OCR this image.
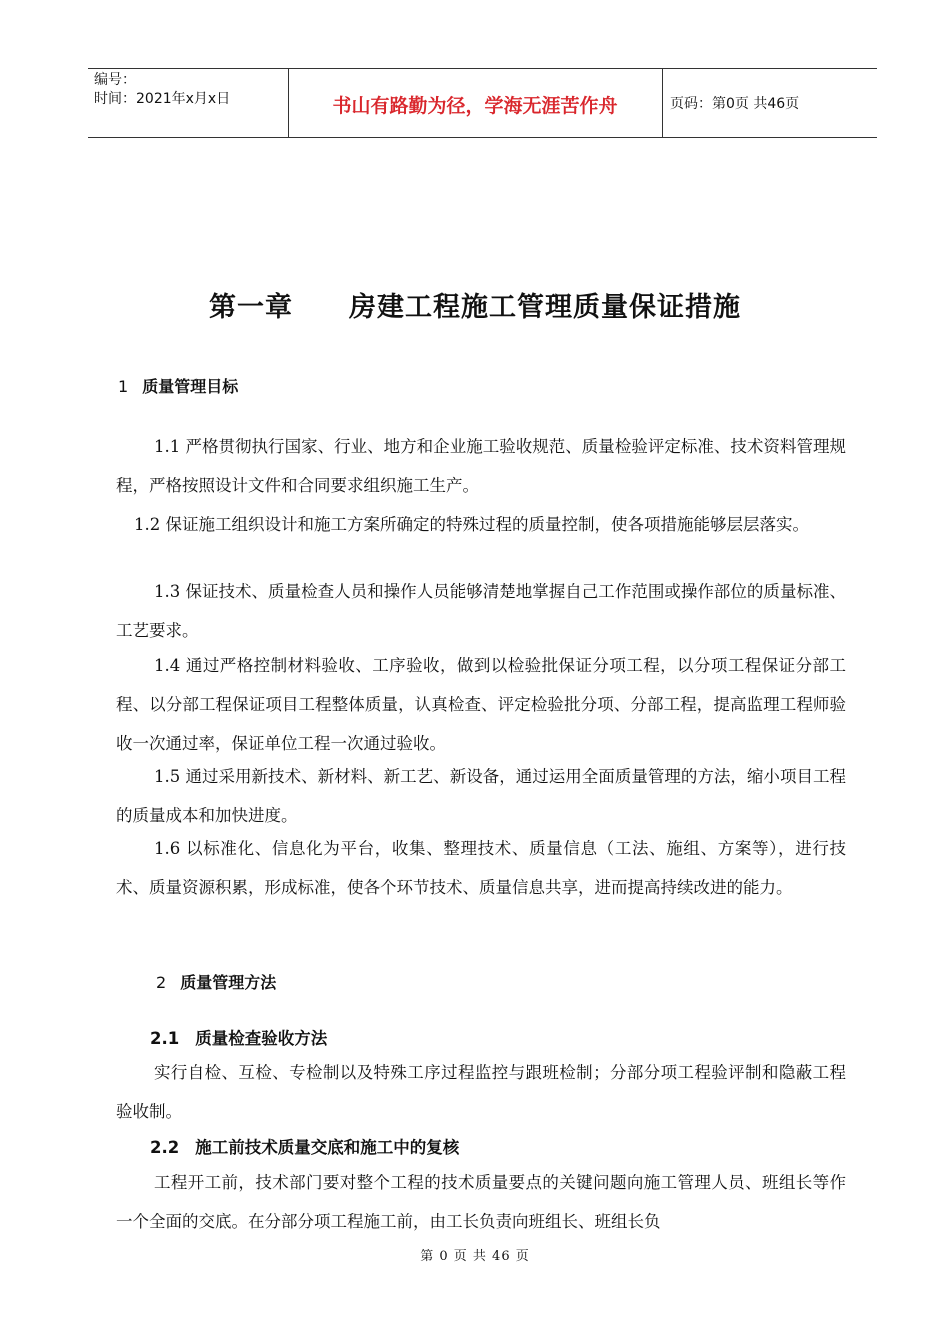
编号：
时间：2021年x月x日	书山有路勤为径，学海无涯苦作舟	页码：第0页 共46页
第一章 房建工程施工管理质量保证措施
1 质量管理目标
1.1 严格贯彻执行国家、行业、地方和企业施工验收规范、质量检验评定标准、技术资料管理规程，严格按照设计文件和合同要求组织施工生产。
1.2 保证施工组织设计和施工方案所确定的特殊过程的质量控制，使各项措施能够层层落实。
1.3 保证技术、质量检查人员和操作人员能够清楚地掌握自己工作范围或操作部位的质量标准、工艺要求。
1.4 通过严格控制材料验收、工序验收，做到以检验批保证分项工程，以分项工程保证分部工程、以分部工程保证项目工程整体质量，认真检查、评定检验批分项、分部工程，提高监理工程师验收一次通过率，保证单位工程一次通过验收。
1.5 通过采用新技术、新材料、新工艺、新设备，通过运用全面质量管理的方法，缩小项目工程的质量成本和加快进度。
1.6 以标准化、信息化为平台，收集、整理技术、质量信息（工法、施组、方案等），进行技术、质量资源积累，形成标准，使各个环节技术、质量信息共享，进而提高持续改进的能力。
2 质量管理方法
2.1 质量检查验收方法
实行自检、互检、专检制以及特殊工序过程监控与跟班检制；分部分项工程验评制和隐蔽工程验收制。
2.2 施工前技术质量交底和施工中的复核
工程开工前，技术部门要对整个工程的技术质量要点的关键问题向施工管理人员、班组长等作一个全面的交底。在分部分项工程施工前，由工长负责向班组长、班组长负
第 0 页 共 46 页
